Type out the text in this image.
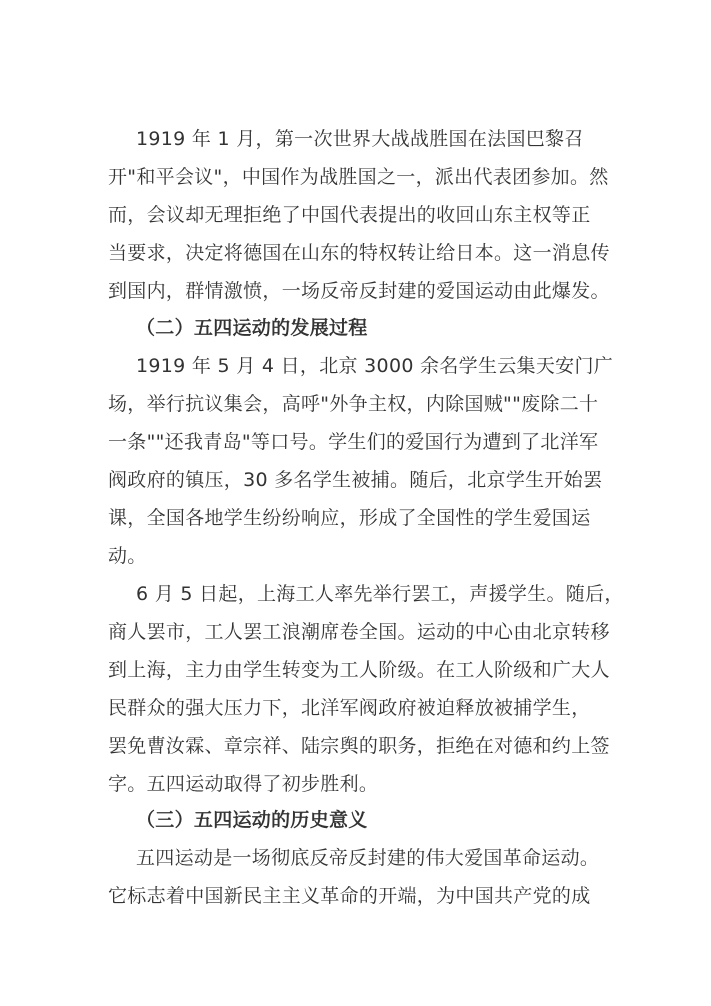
1919 年 1 月，第一次世界大战战胜国在法国巴黎召
开"和平会议"，中国作为战胜国之一，派出代表团参加。然
而，会议却无理拒绝了中国代表提出的收回山东主权等正
当要求，决定将德国在山东的特权转让给日本。这一消息传
到国内，群情激愤，一场反帝反封建的爱国运动由此爆发。
（二）五四运动的发展过程
1919 年 5 月 4 日，北京 3000 余名学生云集天安门广
场，举行抗议集会，高呼"外争主权，内除国贼""废除二十
一条""还我青岛"等口号。学生们的爱国行为遭到了北洋军
阀政府的镇压，30 多名学生被捕。随后，北京学生开始罢
课，全国各地学生纷纷响应，形成了全国性的学生爱国运
动。
6 月 5 日起，上海工人率先举行罢工，声援学生。随后，
商人罢市，工人罢工浪潮席卷全国。运动的中心由北京转移
到上海，主力由学生转变为工人阶级。在工人阶级和广大人
民群众的强大压力下，北洋军阀政府被迫释放被捕学生，
罢免曹汝霖、章宗祥、陆宗舆的职务，拒绝在对德和约上签
字。五四运动取得了初步胜利。
（三）五四运动的历史意义
五四运动是一场彻底反帝反封建的伟大爱国革命运动。
它标志着中国新民主主义革命的开端，为中国共产党的成
